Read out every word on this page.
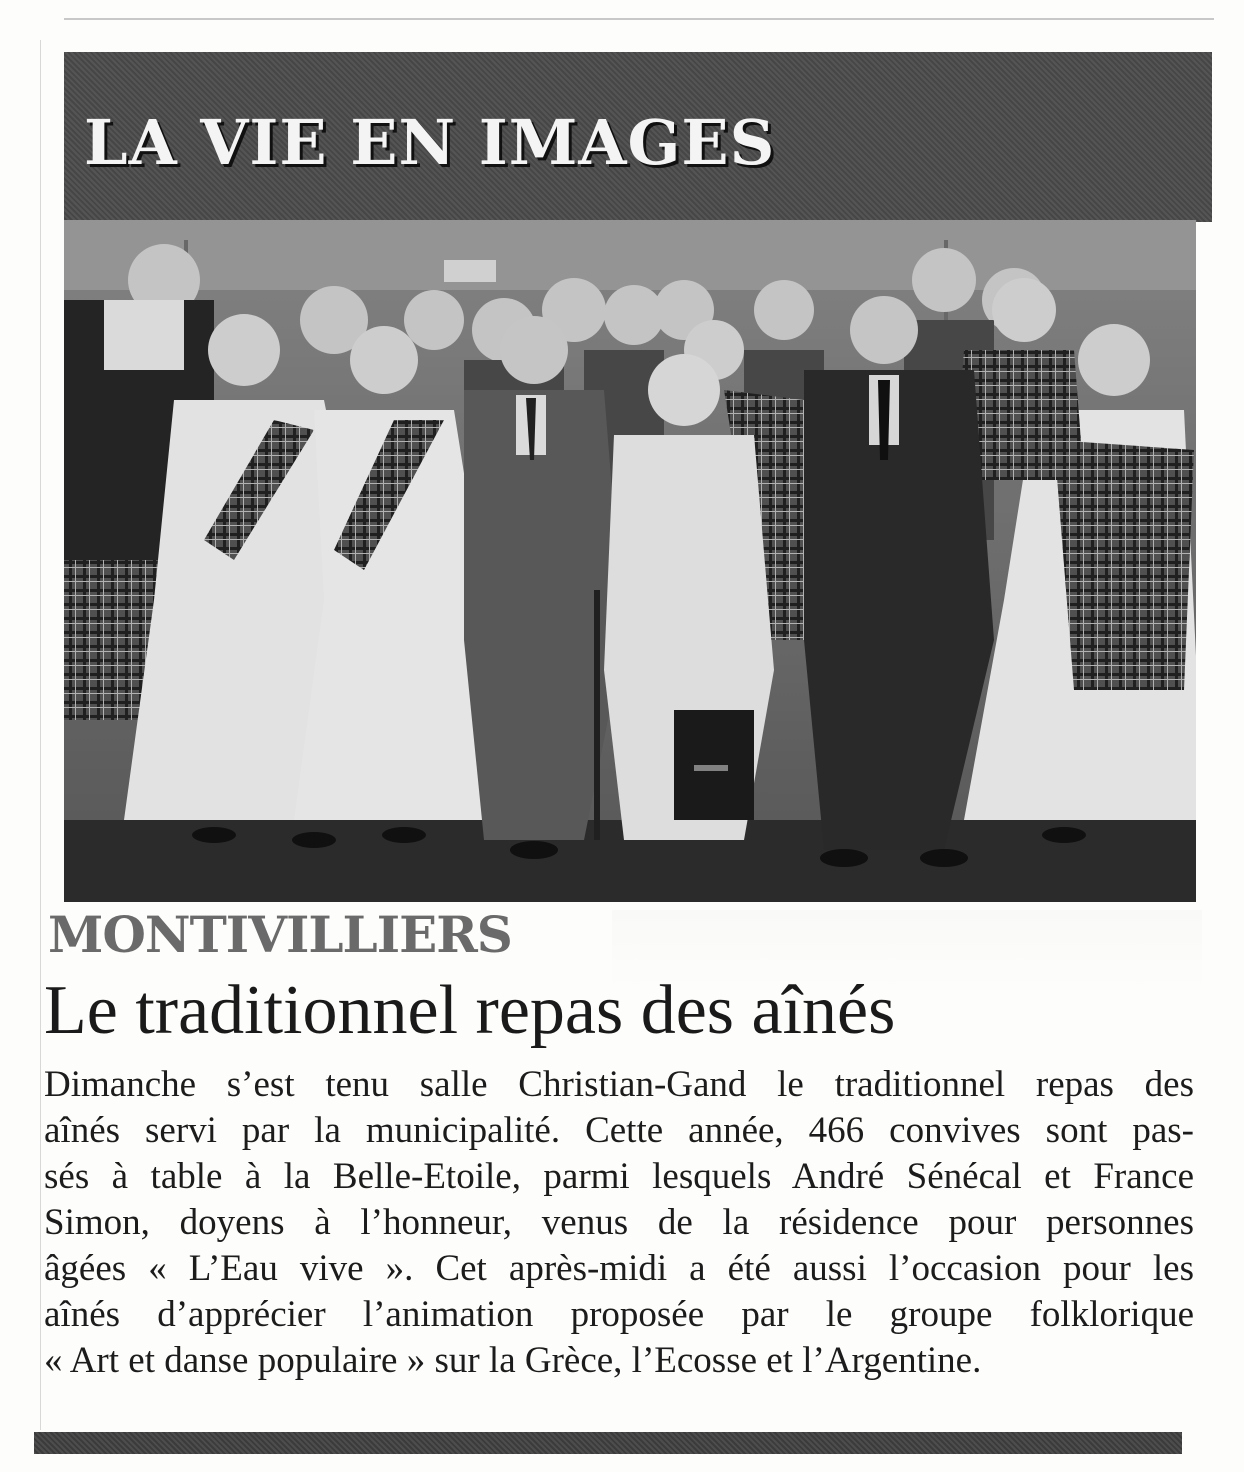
LA VIE EN IMAGES
MONTIVILLIERS
Le traditionnel repas des aînés
Dimanche s’est tenu salle Christian-Gand le traditionnel repas des
aînés servi par la municipalité. Cette année, 466 convives sont pas-
sés à table à la Belle-Etoile, parmi lesquels André Sénécal et France
Simon, doyens à l’honneur, venus de la résidence pour personnes
âgées « L’Eau vive ». Cet après-midi a été aussi l’occasion pour les
aînés d’apprécier l’animation proposée par le groupe folklorique
« Art et danse populaire » sur la Grèce, l’Ecosse et l’Argentine.
